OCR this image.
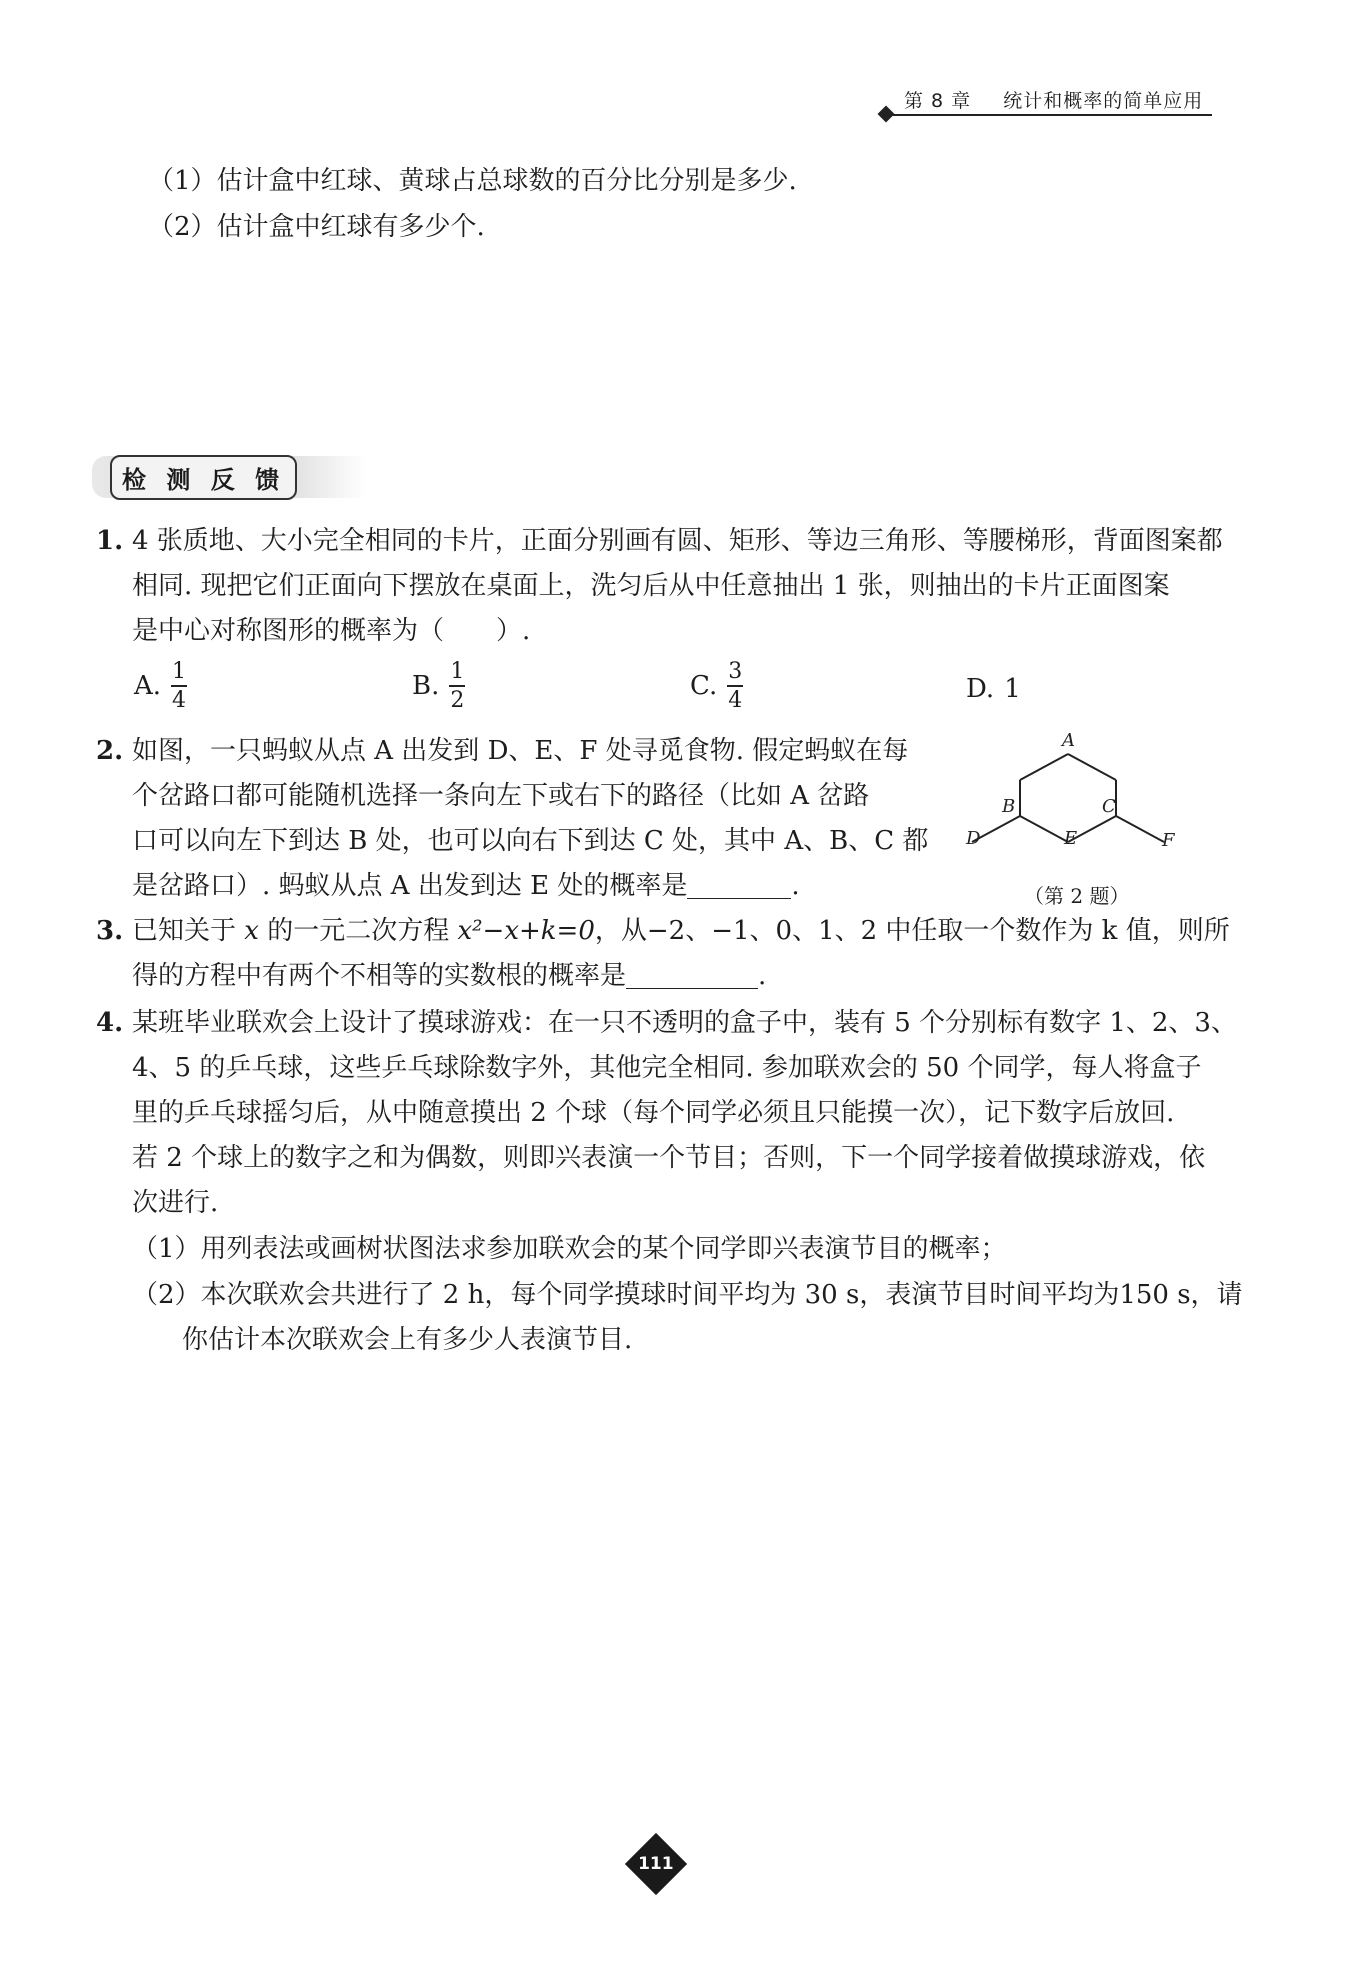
第 8 章 统计和概率的简单应用
（1）估计盒中红球、黄球占总球数的百分比分别是多少.
（2）估计盒中红球有多少个.
检 测 反 馈
1. 4 张质地、大小完全相同的卡片，正面分别画有圆、矩形、等边三角形、等腰梯形，背面图案都
相同. 现把它们正面向下摆放在桌面上，洗匀后从中任意抽出 1 张，则抽出的卡片正面图案
是中心对称图形的概率为（　　）.
A. $\frac{1}{4}$	B. $\frac{1}{2}$	C. $\frac{3}{4}$	D. 1
2. 如图，一只蚂蚁从点 A 出发到 D、E、F 处寻觅食物. 假定蚂蚁在每
个岔路口都可能随机选择一条向左下或右下的路径（比如 A 岔路
口可以向左下到达 B 处，也可以向右下到达 C 处，其中 A、B、C 都
是岔路口）. 蚂蚁从点 A 出发到达 E 处的概率是	.
A
B	C
D	E	F
（第 2 题）
3. 已知关于 x 的一元二次方程 x²−x+k=0，从−2、−1、0、1、2 中任取一个数作为 k 值，则所
得的方程中有两个不相等的实数根的概率是	.
4. 某班毕业联欢会上设计了摸球游戏：在一只不透明的盒子中，装有 5 个分别标有数字 1、2、3、
4、5 的乒乓球，这些乒乓球除数字外，其他完全相同. 参加联欢会的 50 个同学，每人将盒子
里的乒乓球摇匀后，从中随意摸出 2 个球（每个同学必须且只能摸一次），记下数字后放回.
若 2 个球上的数字之和为偶数，则即兴表演一个节目；否则，下一个同学接着做摸球游戏，依
次进行.
（1）用列表法或画树状图法求参加联欢会的某个同学即兴表演节目的概率；
（2）本次联欢会共进行了 2 h，每个同学摸球时间平均为 30 s，表演节目时间平均为150 s，请
你估计本次联欢会上有多少人表演节目.
111
